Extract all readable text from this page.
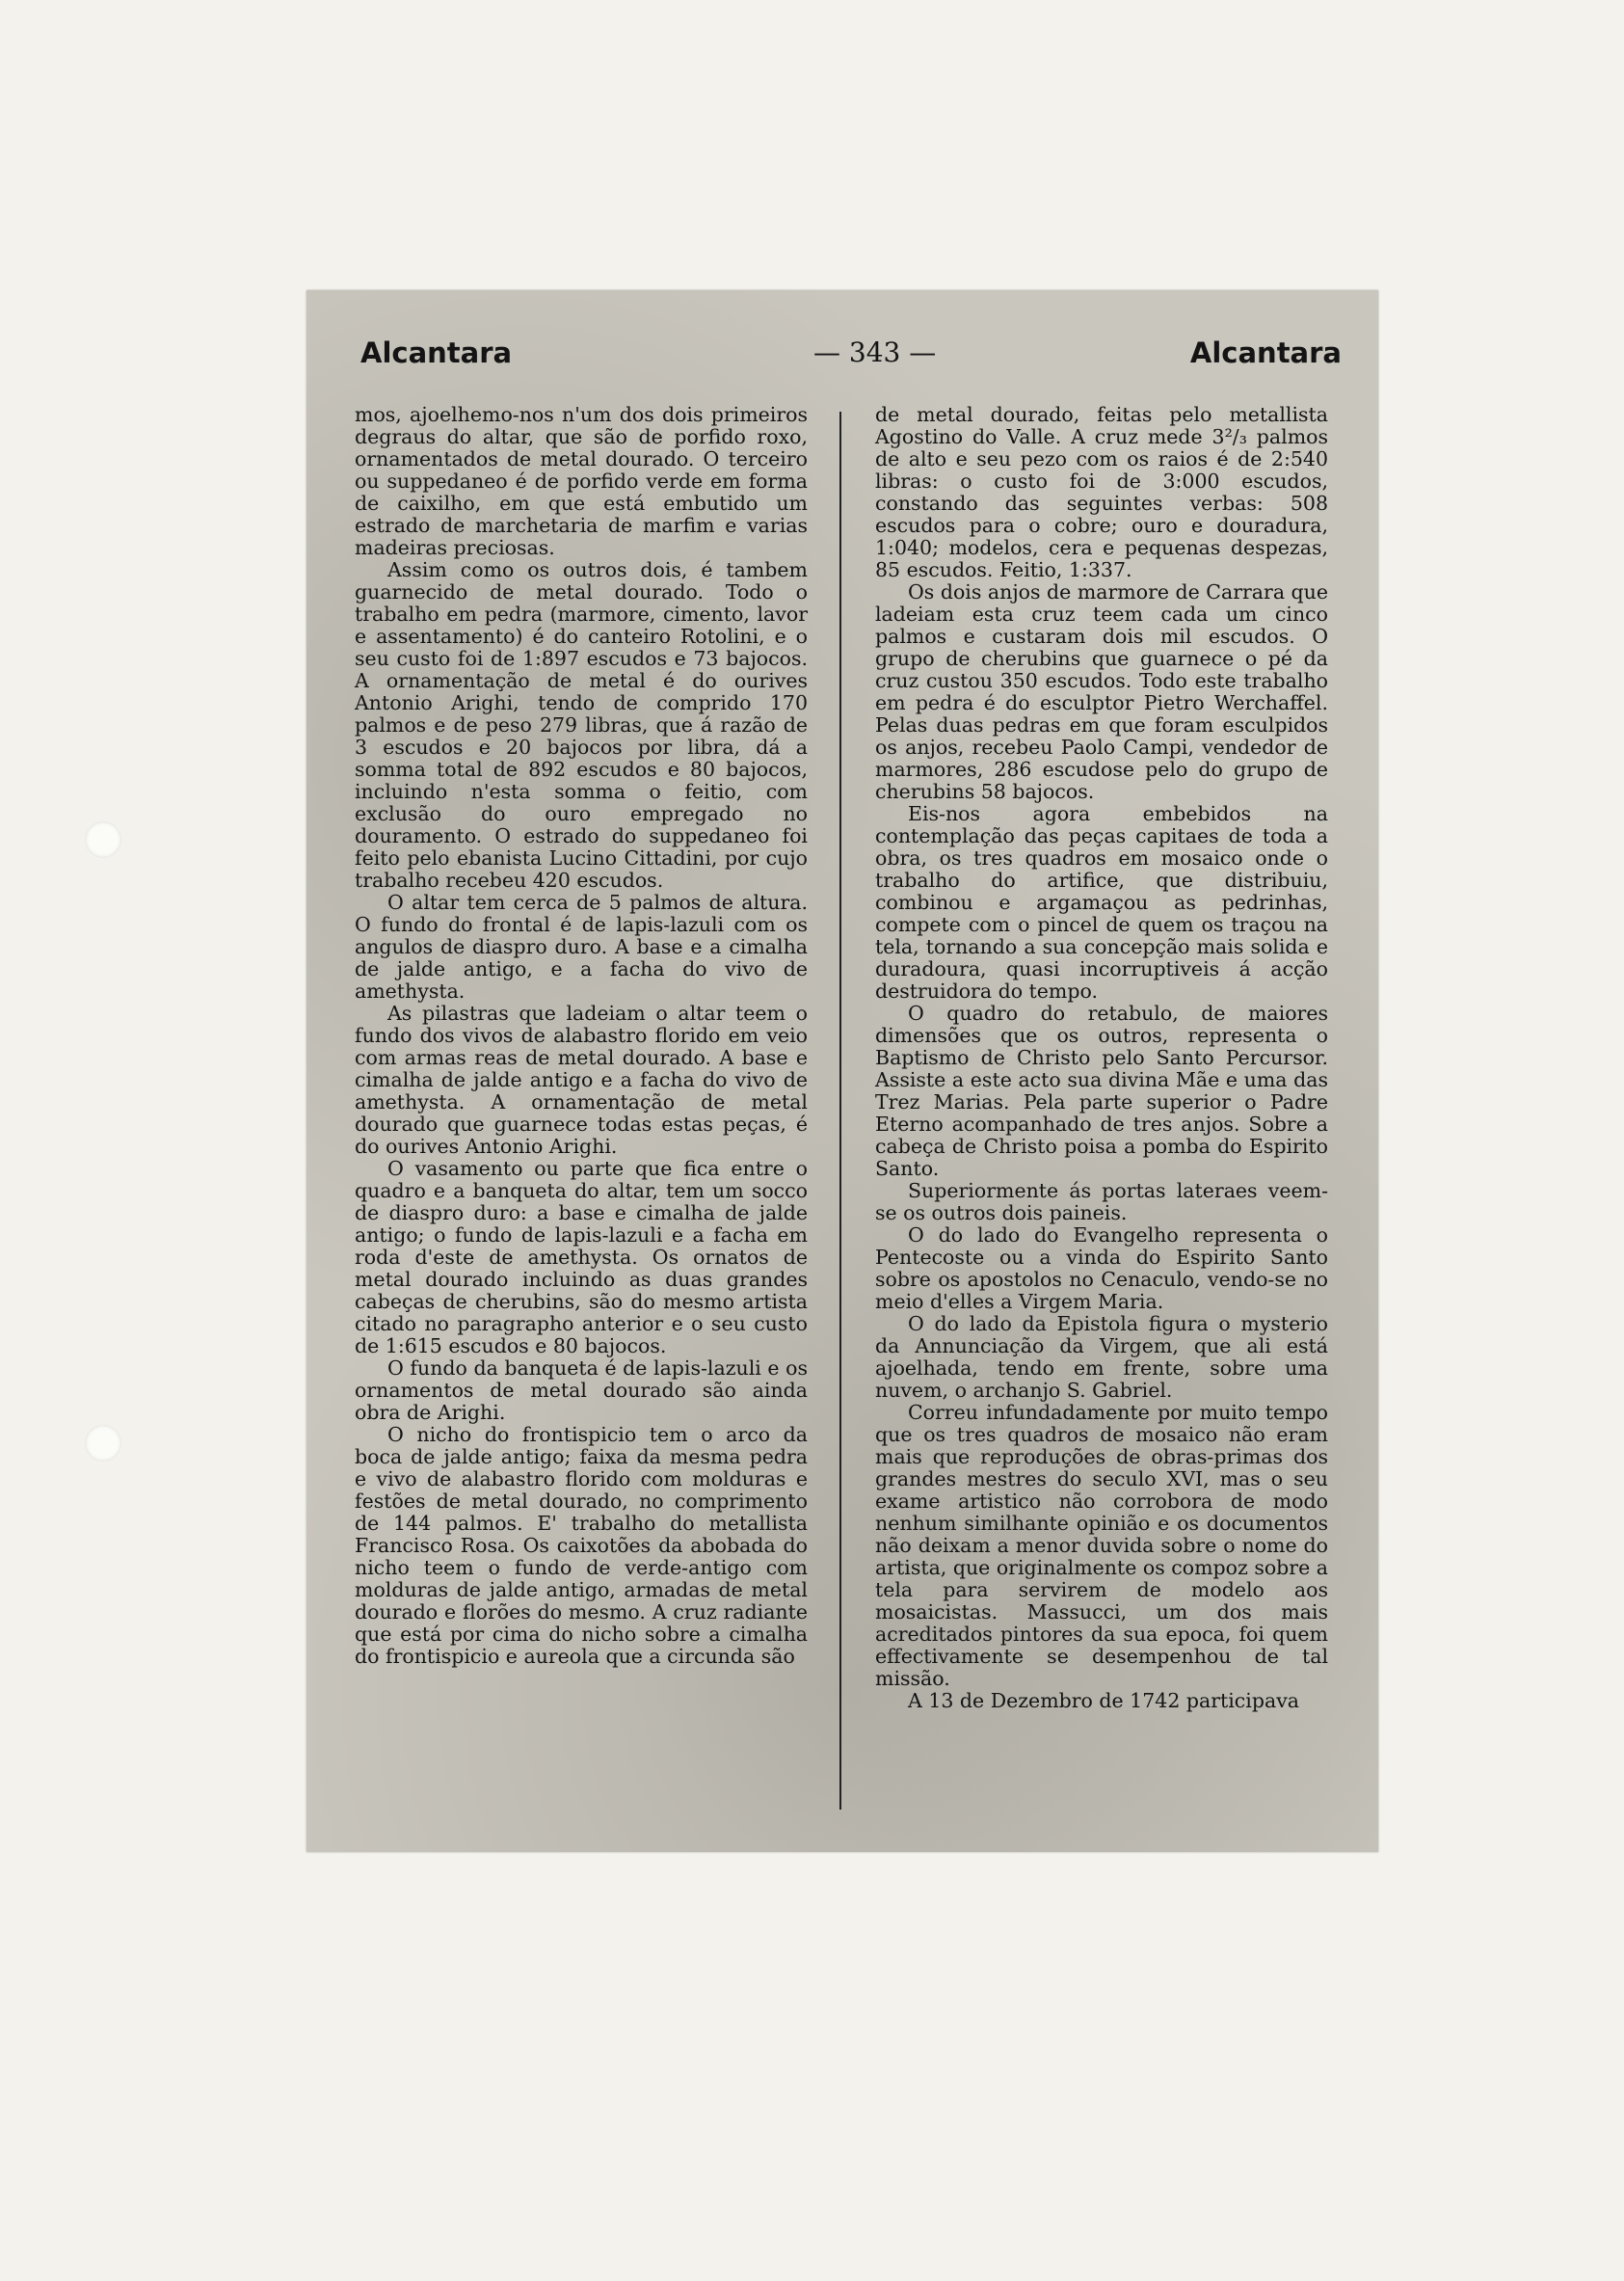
Alcantara	— 343 —	Alcantara

mos, ajoelhemo-nos n'um dos dois primeiros degraus do altar, que são de porfido roxo, ornamentados de metal dourado. O terceiro ou suppedaneo é de porfido verde em forma de caixilho, em que está embutido um estrado de marchetaria de marfim e varias madeiras preciosas.

Assim como os outros dois, é tambem guarnecido de metal dourado. Todo o trabalho em pedra (marmore, cimento, lavor e assentamento) é do canteiro Rotolini, e o seu custo foi de 1:897 escudos e 73 bajocos. A ornamentação de metal é do ourives Antonio Arighi, tendo de comprido 170 palmos e de peso 279 libras, que á razão de 3 escudos e 20 bajocos por libra, dá a somma total de 892 escudos e 80 bajocos, incluindo n'esta somma o feitio, com exclusão do ouro empregado no douramento. O estrado do suppedaneo foi feito pelo ebanista Lucino Cittadini, por cujo trabalho recebeu 420 escudos.

O altar tem cerca de 5 palmos de altura. O fundo do frontal é de lapis-lazuli com os angulos de diaspro duro. A base e a cimalha de jalde antigo, e a facha do vivo de amethysta.

As pilastras que ladeiam o altar teem o fundo dos vivos de alabastro florido em veio com armas reas de metal dourado. A base e cimalha de jalde antigo e a facha do vivo de amethysta. A ornamentação de metal dourado que guarnece todas estas peças, é do ourives Antonio Arighi.

O vasamento ou parte que fica entre o quadro e a banqueta do altar, tem um socco de diaspro duro: a base e cimalha de jalde antigo; o fundo de lapis-lazuli e a facha em roda d'este de amethysta. Os ornatos de metal dourado incluindo as duas grandes cabeças de cherubins, são do mesmo artista citado no paragrapho anterior e o seu custo de 1:615 escudos e 80 bajocos.

O fundo da banqueta é de lapis-lazuli e os ornamentos de metal dourado são ainda obra de Arighi.

O nicho do frontispicio tem o arco da boca de jalde antigo; faixa da mesma pedra e vivo de alabastro florido com molduras e festões de metal dourado, no comprimento de 144 palmos. E' trabalho do metallista Francisco Rosa. Os caixotões da abobada do nicho teem o fundo de verde-antigo com molduras de jalde antigo, armadas de metal dourado e florões do mesmo. A cruz radiante que está por cima do nicho sobre a cimalha do frontispicio e aureola que a circunda são

de metal dourado, feitas pelo metallista Agostino do Valle. A cruz mede 3²/₃ palmos de alto e seu pezo com os raios é de 2:540 libras: o custo foi de 3:000 escudos, constando das seguintes verbas: 508 escudos para o cobre; ouro e douradura, 1:040; modelos, cera e pequenas despezas, 85 escudos. Feitio, 1:337.

Os dois anjos de marmore de Carrara que ladeiam esta cruz teem cada um cinco palmos e custaram dois mil escudos. O grupo de cherubins que guarnece o pé da cruz custou 350 escudos. Todo este trabalho em pedra é do esculptor Pietro Werchaffel. Pelas duas pedras em que foram esculpidos os anjos, recebeu Paolo Campi, vendedor de marmores, 286 escudose pelo do grupo de cherubins 58 bajocos.

Eis-nos agora embebidos na contemplação das peças capitaes de toda a obra, os tres quadros em mosaico onde o trabalho do artifice, que distribuiu, combinou e argamaçou as pedrinhas, compete com o pincel de quem os traçou na tela, tornando a sua concepção mais solida e duradoura, quasi incorruptiveis á acção destruidora do tempo.

O quadro do retabulo, de maiores dimensões que os outros, representa o Baptismo de Christo pelo Santo Percursor. Assiste a este acto sua divina Mãe e uma das Trez Marias. Pela parte superior o Padre Eterno acompanhado de tres anjos. Sobre a cabeça de Christo poisa a pomba do Espirito Santo.

Superiormente ás portas lateraes veem-se os outros dois paineis.

O do lado do Evangelho representa o Pentecoste ou a vinda do Espirito Santo sobre os apostolos no Cenaculo, vendo-se no meio d'elles a Virgem Maria.

O do lado da Epistola figura o mysterio da Annunciação da Virgem, que ali está ajoelhada, tendo em frente, sobre uma nuvem, o archanjo S. Gabriel.

Correu infundadamente por muito tempo que os tres quadros de mosaico não eram mais que reproduções de obras-primas dos grandes mestres do seculo XVI, mas o seu exame artistico não corrobora de modo nenhum similhante opinião e os documentos não deixam a menor duvida sobre o nome do artista, que originalmente os compoz sobre a tela para servirem de modelo aos mosaicistas. Massucci, um dos mais acreditados pintores da sua epoca, foi quem effectivamente se desempenhou de tal missão.

A 13 de Dezembro de 1742 participava
